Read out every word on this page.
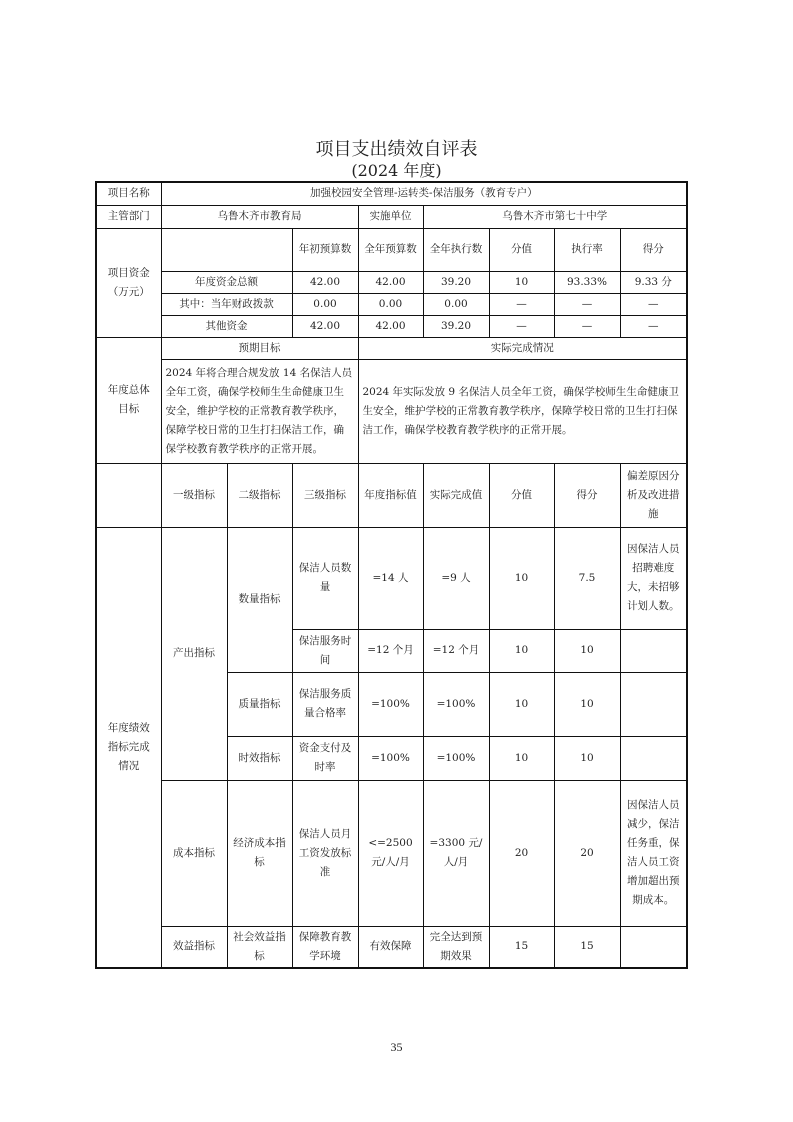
项目支出绩效自评表
(2024 年度)
项目名称	加强校园安全管理-运转类-保洁服务（教育专户）							
主管部门	乌鲁木齐市教育局			实施单位	乌鲁木齐市第七十中学			

项目资金
（万元）			年初预算数	全年预算数	全年执行数	分值	执行率	得分
	年度资金总额		42.00	42.00	39.20	10	93.33%	9.33 分
	其中：当年财政拨款		0.00	0.00	0.00	—	—	—
	其他资金		42.00	42.00	39.20	—	—	—

年度总体
目标	预期目标			实际完成情况				
	2024 年将合理合规发放 14 名保洁人员全年工资，确保学校师生生命健康卫生安全，维护学校的正常教育教学秩序，保障学校日常的卫生打扫保洁工作，确保学校教育教学秩序的正常开展。			2024 年实际发放 9 名保洁人员全年工资，确保学校师生生命健康卫生安全，维护学校的正常教育教学秩序，保障学校日常的卫生打扫保洁工作，确保学校教育教学秩序的正常开展。				
	一级指标	二级指标	三级指标	年度指标值	实际完成值	分值	得分	偏差原因分析及改进措施
年度绩效指标完成情况	产出指标	数量指标	保洁人员数量	=14 人	=9 人	10	7.5	因保洁人员招聘难度大，未招够计划人数。
			保洁服务时间	=12 个月	=12 个月	10	10	
		质量指标	保洁服务质量合格率	=100%	=100%	10	10	
		时效指标	资金支付及时率	=100%	=100%	10	10	
	成本指标	经济成本指标	保洁人员月工资发放标准	<=2500 元/人/月	=3300 元/人/月	20	20	因保洁人员减少，保洁任务重，保洁人员工资增加超出预期成本。
	效益指标	社会效益指标	保障教育教学环境	有效保障	完全达到预期效果	15	15	
35
